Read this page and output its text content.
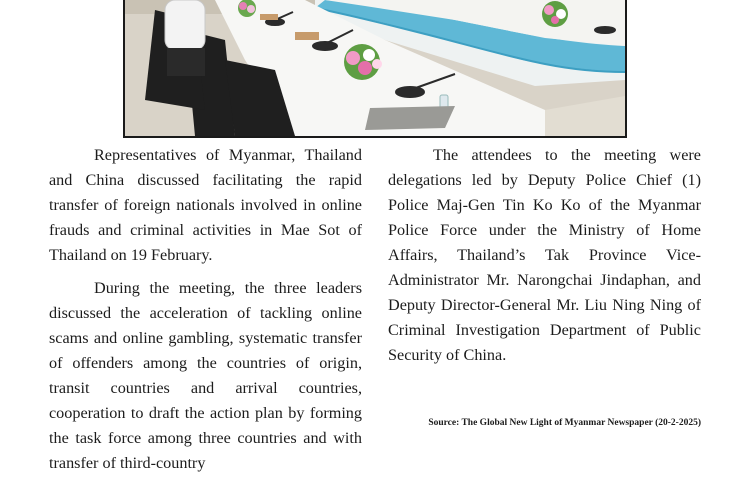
Representatives of Myanmar, Thailand and China discussed facilitating the rapid transfer of foreign nationals involved in online frauds and criminal activities in Mae Sot of Thailand on 19 February.

During the meeting, the three leaders discussed the acceleration of tackling online scams and online gambling, systematic transfer of offenders among the countries of origin, transit countries and arrival countries, cooperation to draft the action plan by forming the task force among three countries and with transfer of third-country

The attendees to the meeting were delegations led by Deputy Police Chief (1) Police Maj-Gen Tin Ko Ko of the Myanmar Police Force under the Ministry of Home Affairs, Thailand’s Tak Province Vice-Administrator Mr. Narongchai Jindaphan, and Deputy Director-General Mr. Liu Ning Ning of Criminal Investigation Department of Public Security of China.

Source: The Global New Light of Myanmar Newspaper (20-2-2025)
